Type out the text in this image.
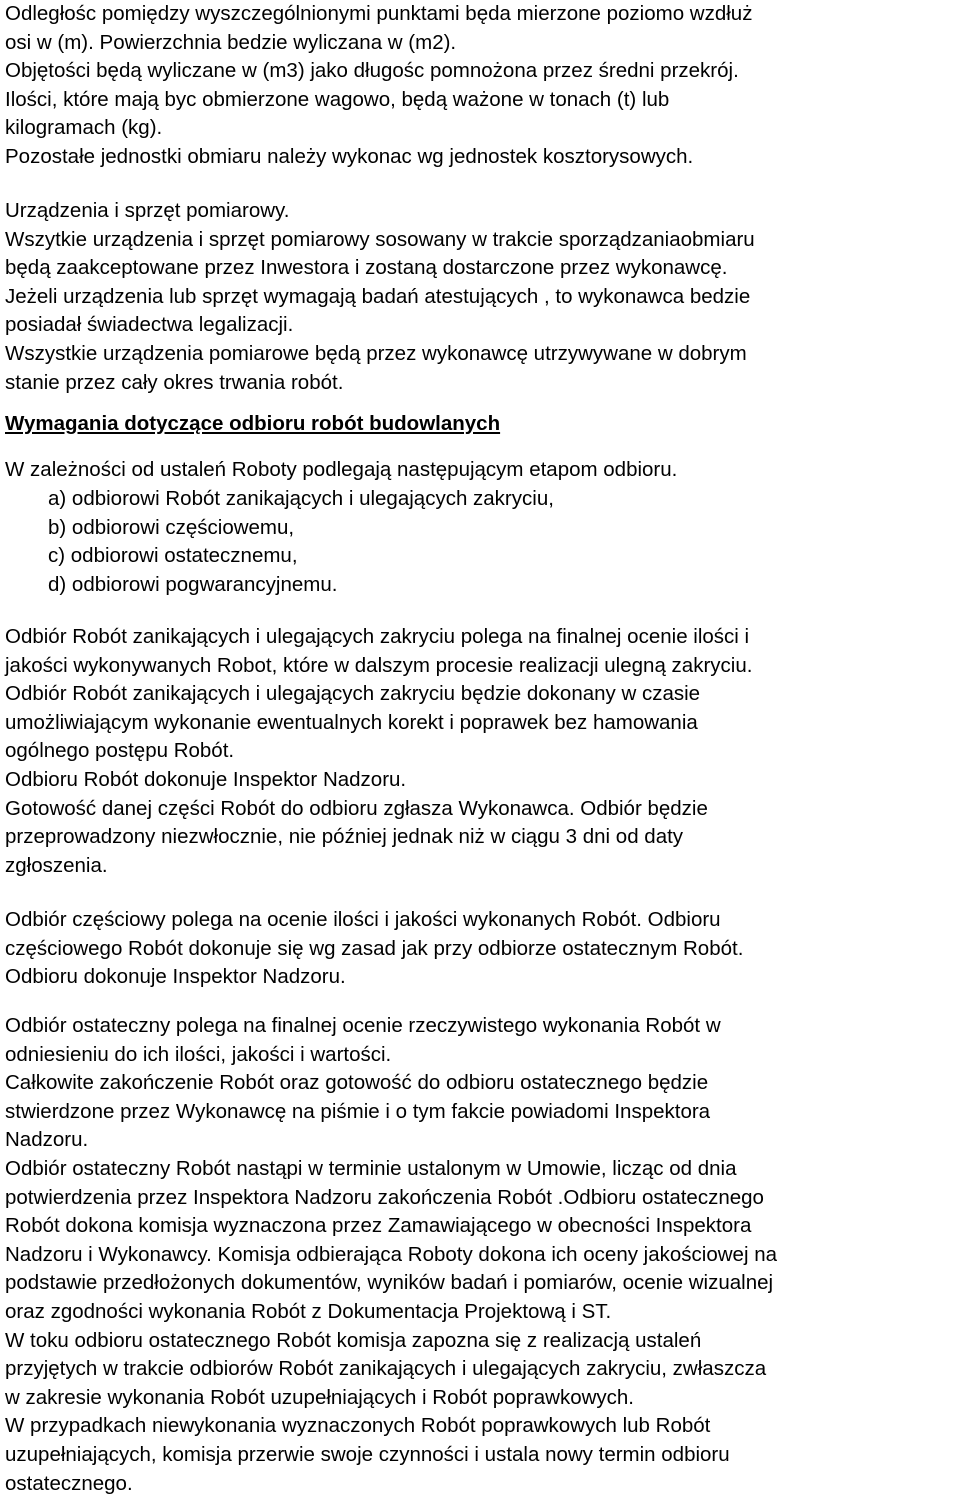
Odległośc pomiędzy wyszczególnionymi punktami będa mierzone poziomo wzdłuż
osi w (m). Powierzchnia bedzie wyliczana w (m2).
Objętości będą wyliczane w (m3) jako długośc pomnożona przez średni przekrój.
Ilości, które mają byc obmierzone wagowo, będą ważone w tonach (t) lub
kilogramach (kg).
Pozostałe jednostki obmiaru należy wykonac wg jednostek kosztorysowych.
Urządzenia i sprzęt pomiarowy.
Wszytkie urządzenia i sprzęt pomiarowy sosowany w trakcie sporządzaniaobmiaru
będą zaakceptowane przez Inwestora i zostaną dostarczone przez wykonawcę.
Jeżeli urządzenia lub sprzęt wymagają badań atestujących , to wykonawca bedzie
posiadał świadectwa legalizacji.
Wszystkie urządzenia pomiarowe będą przez wykonawcę utrzywywane w dobrym
stanie przez cały okres trwania robót.
Wymagania dotyczące odbioru robót budowlanych
W zależności od ustaleń Roboty podlegają następującym etapom odbioru.
a) odbiorowi Robót zanikających i ulegających zakryciu,
b) odbiorowi częściowemu,
c) odbiorowi ostatecznemu,
d) odbiorowi pogwarancyjnemu.
Odbiór Robót zanikających i ulegających zakryciu polega na finalnej ocenie ilości i
jakości wykonywanych Robot, które w dalszym procesie realizacji ulegną zakryciu.
Odbiór Robót zanikających i ulegających zakryciu będzie dokonany w czasie
umożliwiającym wykonanie ewentualnych korekt i poprawek bez hamowania
ogólnego postępu Robót.
Odbioru Robót dokonuje Inspektor Nadzoru.
Gotowość danej części Robót do odbioru zgłasza Wykonawca. Odbiór będzie
przeprowadzony niezwłocznie, nie później jednak niż w ciągu 3 dni od daty
zgłoszenia.
Odbiór częściowy polega na ocenie ilości i jakości wykonanych Robót. Odbioru
częściowego Robót dokonuje się wg zasad jak przy odbiorze ostatecznym Robót.
Odbioru dokonuje Inspektor Nadzoru.
Odbiór ostateczny polega na finalnej ocenie rzeczywistego wykonania Robót w
odniesieniu do ich ilości, jakości i wartości.
Całkowite zakończenie Robót oraz gotowość do odbioru ostatecznego będzie
stwierdzone przez Wykonawcę na piśmie i o tym fakcie powiadomi Inspektora
Nadzoru.
Odbiór ostateczny Robót nastąpi w terminie ustalonym w Umowie, licząc od dnia
potwierdzenia przez Inspektora Nadzoru zakończenia Robót .Odbioru ostatecznego
Robót dokona komisja wyznaczona przez Zamawiającego w obecności Inspektora
Nadzoru i Wykonawcy. Komisja odbierająca Roboty dokona ich oceny jakościowej na
podstawie przedłożonych dokumentów, wyników badań i pomiarów, ocenie wizualnej
oraz zgodności wykonania Robót z Dokumentacja Projektową i ST.
W toku odbioru ostatecznego Robót komisja zapozna się z realizacją ustaleń
przyjętych w trakcie odbiorów Robót zanikających i ulegających zakryciu, zwłaszcza
w zakresie wykonania Robót uzupełniających i Robót poprawkowych.
W przypadkach niewykonania wyznaczonych Robót poprawkowych lub Robót
uzupełniających, komisja przerwie swoje czynności i ustala nowy termin odbioru
ostatecznego.
